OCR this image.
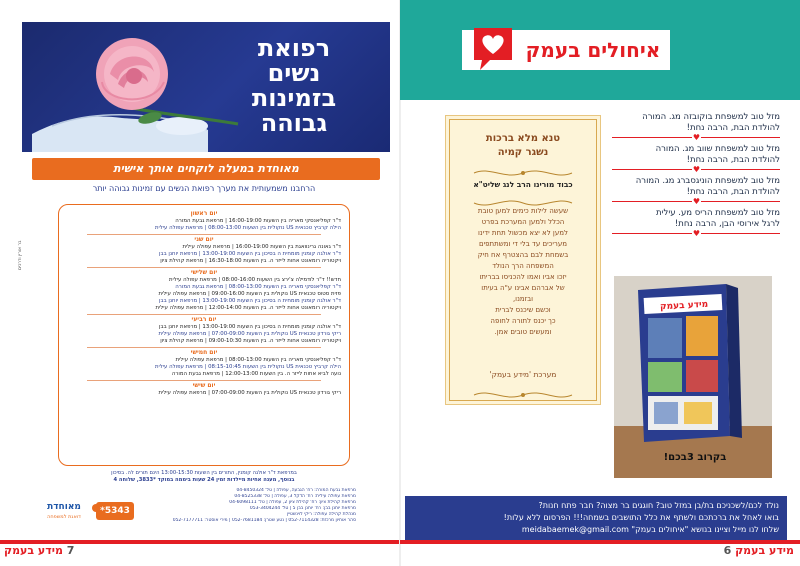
רפואת
נשים
בזמינות
גבוהה
מאוחדת במעלה לוקחים אותך אישית
הרחבנו משמעותית את מערך רפואת הנשים עם זמינות גבוהה יותר
בר אורין ודרכים
יום ראשון
ד"ר קפליאנסקי מאריה בין השעות 16:00-19:00 | מרפאת גבעת המורה
הילה קרביץ טכנאית US נוקולית בין השעות 08:00-13:00 | מרפאת עפולה עילית
יום שני
ד"ר גאונה גרינוואגת בין השעות 16:00-19:00 | מרפאת עפולה עילית
ד"ר אולגה קומנין מומחית ה בסיכון בין השעות 13:00-19:00 | מרפאת יוחנן בבן
ויקטוריה רומאונט אחות לייזר ה. בין השעות 16:30-18:00 | מרפאת קהילת ציון
יום שלישי
חדש!! ד"ר לודמילה צ'ירצ בין השעות 08:00-16:00 | מרפאת עפולה עילית
ד"ר קפליאנסקי מאריה בין השעות 08:00-13:00 | מרפאת גבעת המורה
פזית סטוס טכנאית US נוקולית בין השעות 09:00-16:00 | מרפאת עפולה עילית
ד"ר אולגה קומנין מומחית ה בסיכון בין השעות 13:00-19:00 | מרפאת יוחנן בבן
ויקטוריה רומאונט אחות לייזר ה. בין השעות 12:00-14:00 | מרפאת עפולה עילית
יום רביעי
ד"ר אולגה קומנין מומחית ה בסיכון בין השעות 13:00-19:00 | מרפאת יוחנן בבן
ריקי גורדון טכנאית US נוקולית בין השעות 07:00-09:00 | מרפאת עפולה עילית
ויקטוריה רומאונט אחות לייזר ה. בין השעות 09:00-10:30 | מרפאת קהילת ציון
יום חמישי
ד"ר קפליאנסקי מאריה בין השעות 08:00-13:00 | מרפאת עפולה עילית
הילה קרביץ טכנאית US נוקולית בין השעות 08:15-10:45 | מרפאת עפולה עילית
נועה לביא אחות לייזר ה. בין השעות 12:00-13:00 | מרפאת גבעת המורה
יום שישי
ריקי גורדון טכנאית US נוקולית בין השעות 07:00-09:00 | מרפאת עפולה עילית
במרפאת ד"ר אולגה קומנין, התורים בין השעות 13:00-15:30 הינם תורים לה. בסיכון
בנוסף, מענה אחיות מיילדות זמין 24 שעות ביממה במוקד *3833, שלוחה 4
מרפאת גבעת המורה: רח' הגבעה, עפולה | טל' 04-8450324
מרפאת עפולה עילית: רח' הדקל 3, עפולה | טל' 04-8525338
מרפאת קהילת ציון: רח' קהילת ציון 2, עפולה | טל' 04-6098111
מרפאת יוחנן בבן: רח' יוחנן בבן 5 | טל' 053-3404244
מנהלת קהילה עפולה: ריקי לוינשטיין
סהר אוחיון מרכזת: 052-7114328 | נטע שטרן: 052-7681184 | מירי אוסטר: 052-7177711
מאוחדת
דואגת למשפחה
*5343
7 מידע בעמק
איחולים בעמק
טנא מלא ברכות
נשגר קמיה
כבוד מורינו הרב לנג שליט"א
שעשה לילות כימים למען טובת
הכלל ולמען המערכת בפרט
למען לא יצא מכשול תחת ידינו
מעריכים עד בלי די ומשתתפים
בשמחת לבם בהצטרף אח חיק
המשפחה הרך הנולד
יזכו אביו ואמו להכניסו בבריתו
של אברהם אבינו ע"ה בעיתו
ובזמנו,
וכשם שיכנס לברית
כך יכנס לתורה לחופה
ומעשים טובים אמן.
מערכת 'מידע בעמק'
מזל טוב למשפחת בוקובזה מג. המורה
להולדת הבת, הרבה נחת!
♥
מזל טוב למשפחת שווב מג. המורה
להולדת הבת, הרבה נחת!
♥
מזל טוב למשפחת הוניגסברג מג. המורה
להולדת הבת, הרבה נחת!
♥
מזל טוב למשפחת הריס מע. עילית
לרגל אירוסי הבן, הרבה נחת!
♥
מידע בעמק
בקרוב 3בכם!
נולד לכם/לשכניכם בת/בן במזל טוב? חוגגים בר מצוה? חבר פתח חנות?
בואו לאחל את ברכתכם ולשתף את כלל התושבים בשמחה!!! הפרסום ללא עלות!
שלחו לנו מייל וציינו בנושא "איחולים בעמק" meidabaemek@gmail.com
מידע בעמק 6
